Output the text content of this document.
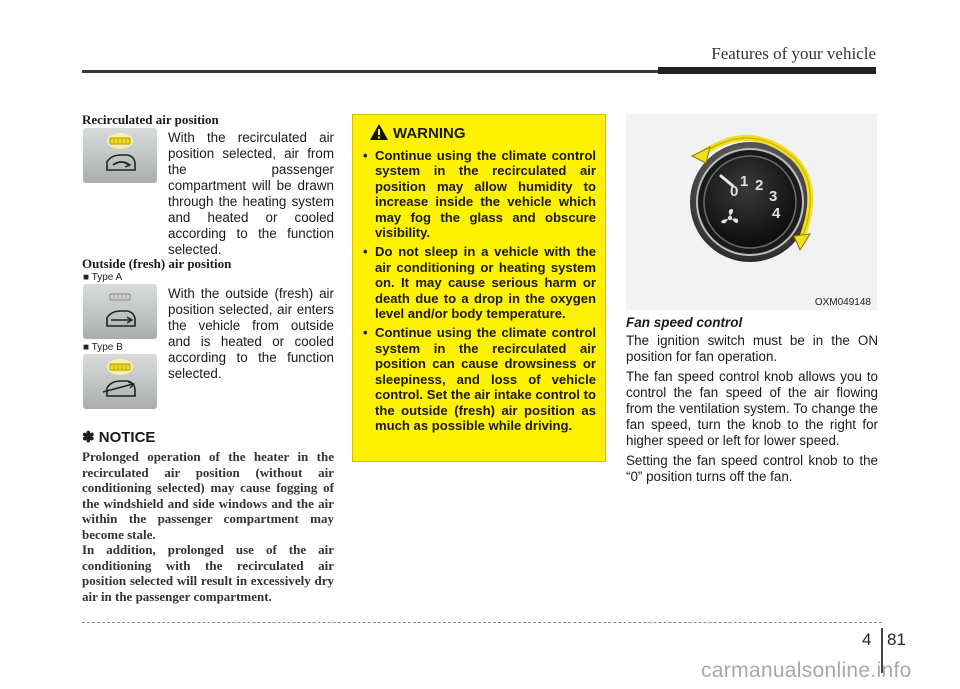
Features of your vehicle
Recirculated air position
With the recirculated air position selected, air from the passenger compartment will be drawn through the heating system and heated or cooled according to the function selected.
Outside (fresh) air position
■ Type A
■ Type B
With the outside (fresh) air position selected, air enters the vehicle from outside and is heated or cooled according to the function selected.
✽ NOTICE
Prolonged operation of the heater in the recirculated air position (without air conditioning selected) may cause fogging of the windshield and side windows and the air within the passenger compartment may become stale.
In addition, prolonged use of the air conditioning with the recirculated air position selected will result in excessively dry air in the passenger compartment.
WARNING
• Continue using the climate control system in the recirculated air position may allow humidity to increase inside the vehicle which may fog the glass and obscure visibility.
• Do not sleep in a vehicle with the air conditioning or heating system on. It may cause serious harm or death due to a drop in the oxygen level and/or body temperature.
• Continue using the climate control system in the recirculated air position can cause drowsiness or sleepiness, and loss of vehicle control. Set the air intake control to the outside (fresh) air position as much as possible while driving.
0
1 2
3
4
OXM049148
Fan speed control
The ignition switch must be in the ON position for fan operation.
The fan speed control knob allows you to control the fan speed of the air flowing from the ventilation system. To change the fan speed, turn the knob to the right for higher speed or left for lower speed.
Setting the fan speed control knob to the “0” position turns off the fan.
4 81
carmanualsonline.info
